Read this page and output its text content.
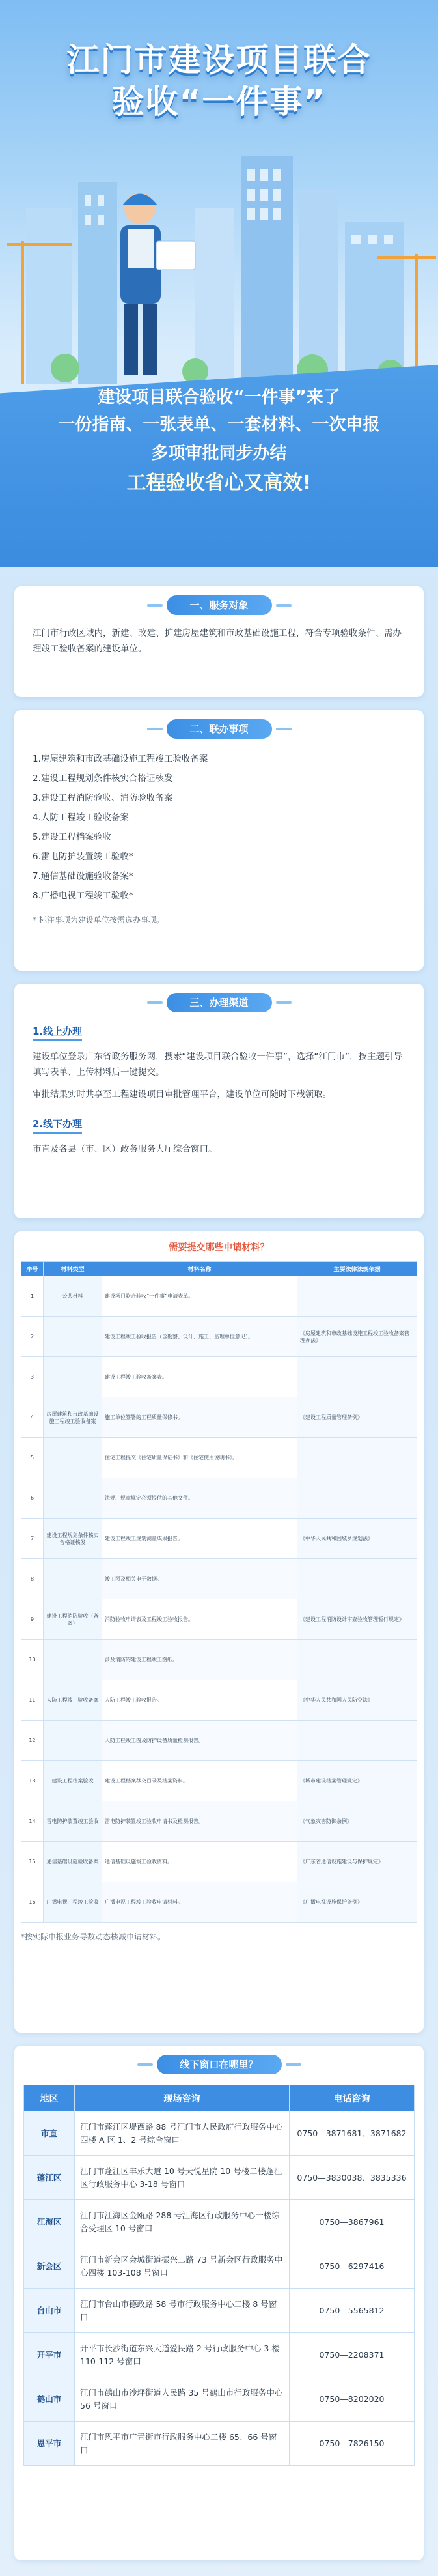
江门市建设项目联合
验收“一件事”
建设项目联合验收“一件事”来了
一份指南、一张表单、一套材料、一次申报
多项审批同步办结
工程验收省心又高效!
一、服务对象
江门市行政区域内，新建、改建、扩建房屋建筑和市政基础设施工程，符合专项验收条件、需办理竣工验收备案的建设单位。
二、联办事项
1.房屋建筑和市政基础设施工程竣工验收备案
2.建设工程规划条件核实合格证核发
3.建设工程消防验收、消防验收备案
4.人防工程竣工验收备案
5.建设工程档案验收
6.雷电防护装置竣工验收*
7.通信基础设施验收备案*
8.广播电视工程竣工验收*
* 标注事项为建设单位按需选办事项。
三、办理渠道
1.线上办理
建设单位登录广东省政务服务网，搜索“建设项目联合验收一件事”，选择“江门市”，按主题引导填写表单、上传材料后一键提交。
审批结果实时共享至工程建设项目审批管理平台，建设单位可随时下载领取。
2.线下办理
市直及各县（市、区）政务服务大厅综合窗口。
需要提交哪些申请材料？
序号	材料类型	材料名称	主要法律法规依据
1	公共材料	建设项目联合验收“一件事”申请表单。	
2		建设工程竣工验收报告（含勘察、设计、施工、监理单位意见）。	《房屋建筑和市政基础设施工程竣工验收备案管理办法》
3		建设工程竣工验收备案表。	
4	房屋建筑和市政基础设施工程竣工验收备案	施工单位签署的工程质量保修书。	《建设工程质量管理条例》
5		住宅工程提交《住宅质量保证书》和《住宅使用说明书》。	
6		法规、规章规定必须提供的其他文件。	
7	建设工程规划条件核实合格证核发	建设工程竣工规划测量成果报告。	《中华人民共和国城乡规划法》
8		竣工图及相关电子数据。	
9	建设工程消防验收（备案）	消防验收申请表及工程竣工验收报告。	《建设工程消防设计审查验收管理暂行规定》
10		涉及消防的建设工程竣工图纸。	
11	人防工程竣工验收备案	人防工程竣工验收报告。	《中华人民共和国人民防空法》
12		人防工程竣工图及防护设备质量检测报告。	
13	建设工程档案验收	建设工程档案移交目录及档案资料。	《城市建设档案管理规定》
14	雷电防护装置竣工验收	雷电防护装置竣工验收申请书及检测报告。	《气象灾害防御条例》
15	通信基础设施验收备案	通信基础设施竣工验收资料。	《广东省通信设施建设与保护规定》
16	广播电视工程竣工验收	广播电视工程竣工验收申请材料。	《广播电视设施保护条例》
*按实际申报业务导数动态核减申请材料。
线下窗口在哪里？
地区	现场咨询	电话咨询
市直	江门市蓬江区堤西路 88 号江门市人民政府行政服务中心四楼 A 区 1、2 号综合窗口	0750—3871681、3871682
蓬江区	江门市蓬江区丰乐大道 10 号天悦星院 10 号楼二楼蓬江区行政服务中心 3-18 号窗口	0750—3830038、3835336
江海区	江门市江海区金瓯路 288 号江海区行政服务中心一楼综合受理区 10 号窗口	0750—3867961
新会区	江门市新会区会城街道振兴二路 73 号新会区行政服务中心四楼 103-108 号窗口	0750—6297416
台山市	江门市台山市德政路 58 号市行政服务中心二楼 8 号窗口	0750—5565812
开平市	开平市长沙街道东兴大道爱民路 2 号行政服务中心 3 楼 110-112 号窗口	0750—2208371
鹤山市	江门市鹤山市沙坪街道人民路 35 号鹤山市行政服务中心 56 号窗口	0750—8202020
恩平市	江门市恩平市广青街市行政服务中心二楼 65、66 号窗口	0750—7826150
